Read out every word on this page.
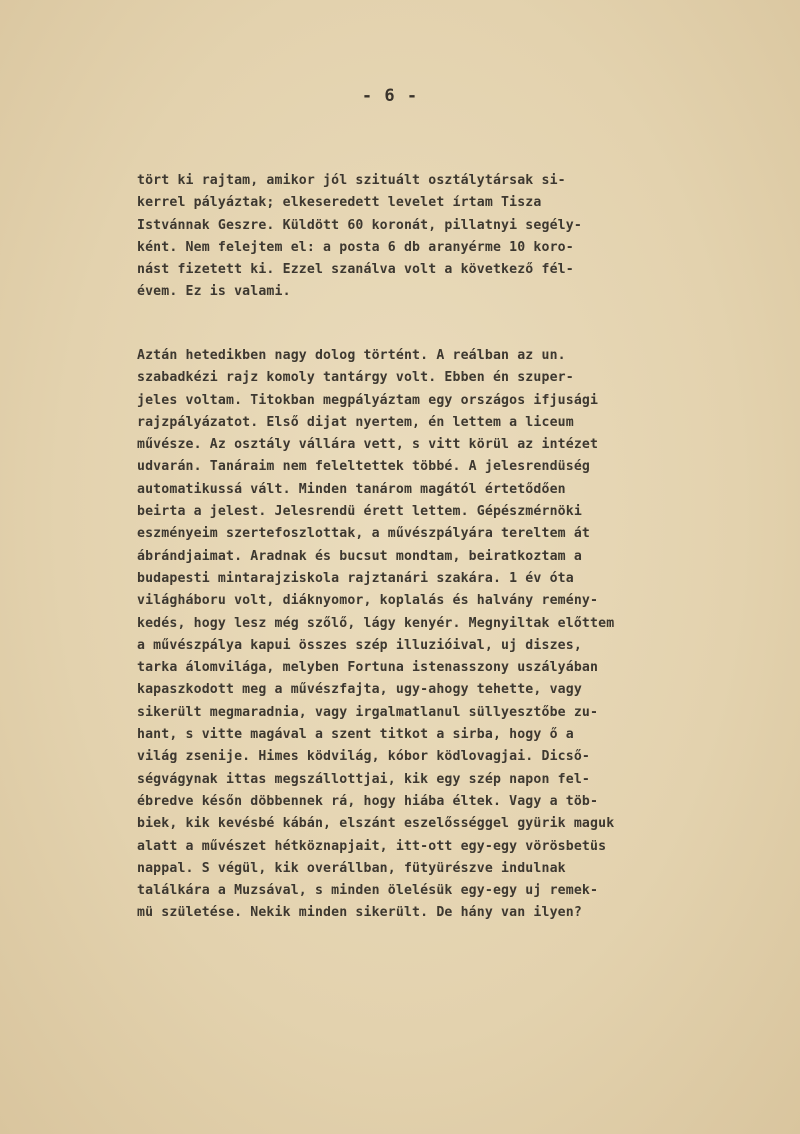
- 6 -

tört ki rajtam, amikor jól szituált osztálytársak si-
kerrel pályáztak; elkeseredett levelet írtam Tisza
Istvánnak Geszre. Küldött 60 koronát, pillatnyi segély-
ként. Nem felejtem el: a posta 6 db aranyérme 10 koro-
nást fizetett ki. Ezzel szanálva volt a következő fél-
évem. Ez is valami.

Aztán hetedikben nagy dolog történt. A reálban az un.
szabadkézi rajz komoly tantárgy volt. Ebben én szuper-
jeles voltam. Titokban megpályáztam egy országos ifjusági
rajzpályázatot. Első dijat nyertem, én lettem a liceum
művésze. Az osztály vállára vett, s vitt körül az intézet
udvarán. Tanáraim nem feleltettek többé. A jelesrendüség
automatikussá vált. Minden tanárom magától értetődően
beirta a jelest. Jelesrendü érett lettem. Gépészmérnöki
eszményeim szertefoszlottak, a művészpályára tereltem át
ábrándjaimat. Aradnak és bucsut mondtam, beiratkoztam a
budapesti mintarajziskola rajztanári szakára. 1 év óta
világháboru volt, diáknyomor, koplalás és halvány remény-
kedés, hogy lesz még szőlő, lágy kenyér. Megnyiltak előttem
a művészpálya kapui összes szép illuzióival, uj diszes,
tarka álomvilága, melyben Fortuna istenasszony uszályában
kapaszkodott meg a művészfajta, ugy-ahogy tehette, vagy
sikerült megmaradnia, vagy irgalmatlanul süllyesztőbe zu-
hant, s vitte magával a szent titkot a sirba, hogy ő a
világ zsenije. Himes ködvilág, kóbor ködlovagjai. Dicső-
ségvágynak ittas megszállottjai, kik egy szép napon fel-
ébredve későn döbbennek rá, hogy hiába éltek. Vagy a töb-
biek, kik kevésbé kábán, elszánt eszelősséggel gyürik maguk
alatt a művészet hétköznapjait, itt-ott egy-egy vörösbetüs
nappal. S végül, kik overállban, fütyürészve indulnak
találkára a Muzsával, s minden ölelésük egy-egy uj remek-
mü születése. Nekik minden sikerült. De hány van ilyen?
